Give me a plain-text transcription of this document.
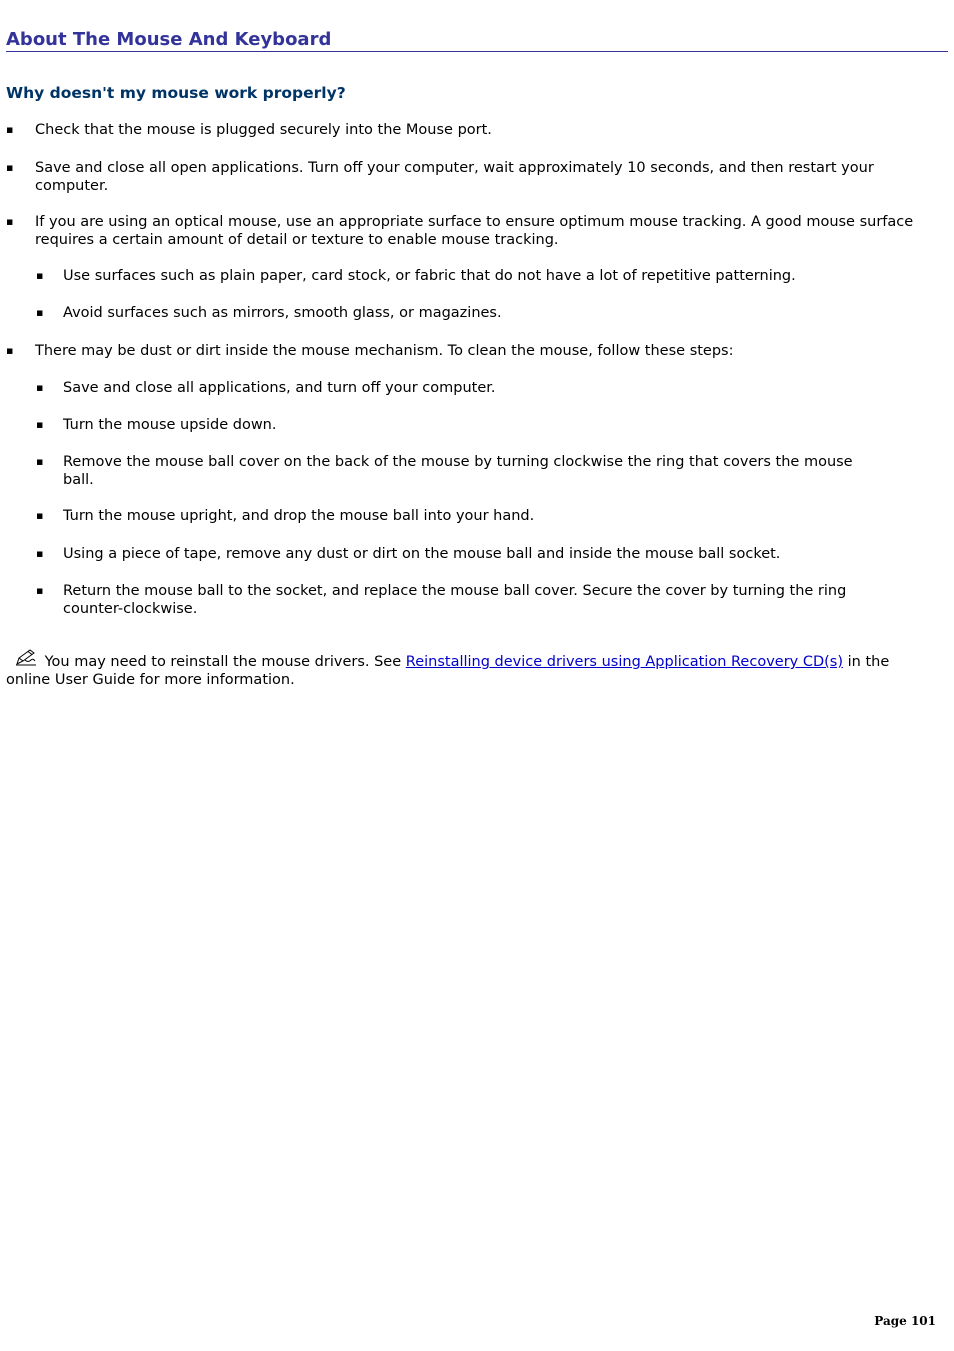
About The Mouse And Keyboard
Why doesn't my mouse work properly?
▪ Check that the mouse is plugged securely into the Mouse port.
▪ Save and close all open applications. Turn off your computer, wait approximately 10 seconds, and then restart your computer.
▪ If you are using an optical mouse, use an appropriate surface to ensure optimum mouse tracking. A good mouse surface requires a certain amount of detail or texture to enable mouse tracking.
▪ Use surfaces such as plain paper, card stock, or fabric that do not have a lot of repetitive patterning.
▪ Avoid surfaces such as mirrors, smooth glass, or magazines.
▪ There may be dust or dirt inside the mouse mechanism. To clean the mouse, follow these steps:
▪ Save and close all applications, and turn off your computer.
▪ Turn the mouse upside down.
▪ Remove the mouse ball cover on the back of the mouse by turning clockwise the ring that covers the mouse ball.
▪ Turn the mouse upright, and drop the mouse ball into your hand.
▪ Using a piece of tape, remove any dust or dirt on the mouse ball and inside the mouse ball socket.
▪ Return the mouse ball to the socket, and replace the mouse ball cover. Secure the cover by turning the ring counter-clockwise.
You may need to reinstall the mouse drivers. See Reinstalling device drivers using Application Recovery CD(s) in the online User Guide for more information.
Page 101
